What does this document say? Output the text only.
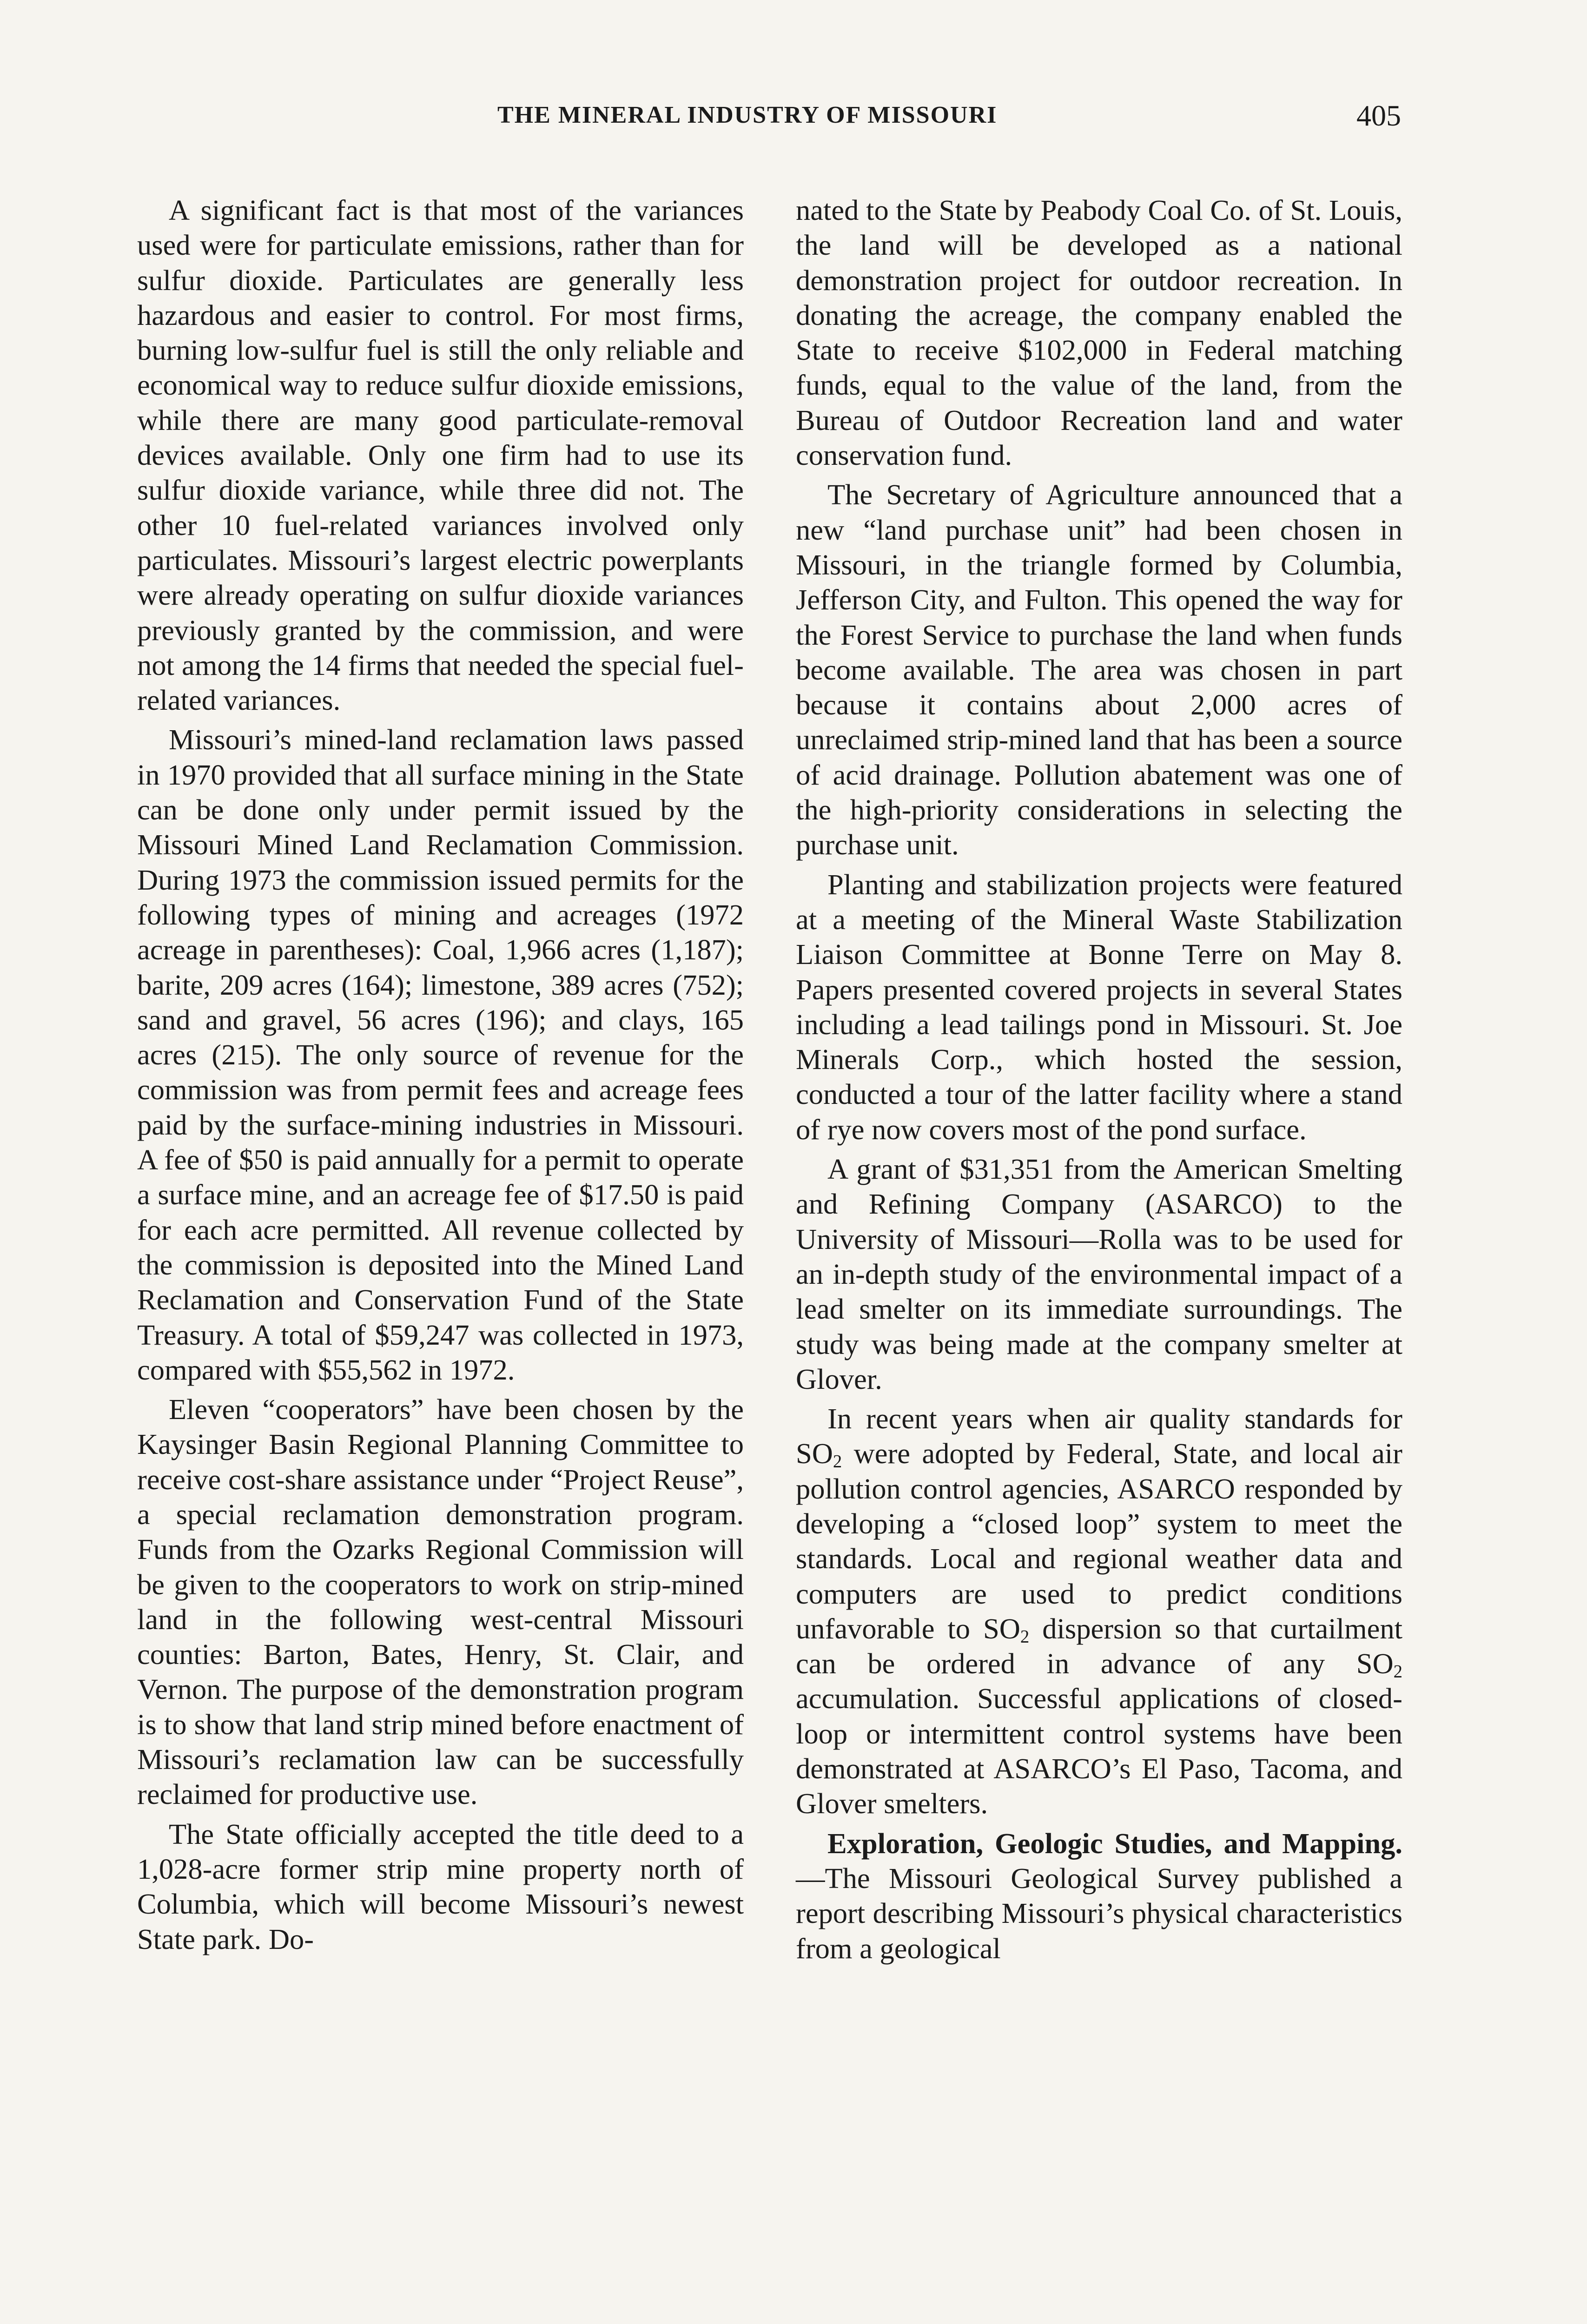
THE MINERAL INDUSTRY OF MISSOURI	405

A significant fact is that most of the variances used were for particulate emissions, rather than for sulfur dioxide. Particulates are generally less hazardous and easier to control. For most firms, burning low-sulfur fuel is still the only reliable and economical way to reduce sulfur dioxide emissions, while there are many good particulate-removal devices available. Only one firm had to use its sulfur dioxide variance, while three did not. The other 10 fuel-related variances involved only particulates. Missouri’s largest electric powerplants were already operating on sulfur dioxide variances previously granted by the commission, and were not among the 14 firms that needed the special fuel-related variances.

Missouri’s mined-land reclamation laws passed in 1970 provided that all surface mining in the State can be done only under permit issued by the Missouri Mined Land Reclamation Commission. During 1973 the commission issued permits for the following types of mining and acreages (1972 acreage in parentheses): Coal, 1,966 acres (1,187); barite, 209 acres (164); limestone, 389 acres (752); sand and gravel, 56 acres (196); and clays, 165 acres (215). The only source of revenue for the commission was from permit fees and acreage fees paid by the surface-mining industries in Missouri. A fee of $50 is paid annually for a permit to operate a surface mine, and an acreage fee of $17.50 is paid for each acre permitted. All revenue collected by the commission is deposited into the Mined Land Reclamation and Conservation Fund of the State Treasury. A total of $59,247 was collected in 1973, compared with $55,562 in 1972.

Eleven “cooperators” have been chosen by the Kaysinger Basin Regional Planning Committee to receive cost-share assistance under “Project Reuse”, a special reclamation demonstration program. Funds from the Ozarks Regional Commission will be given to the cooperators to work on strip-mined land in the following west-central Missouri counties: Barton, Bates, Henry, St. Clair, and Vernon. The purpose of the demonstration program is to show that land strip mined before enactment of Missouri’s reclamation law can be successfully reclaimed for productive use.

The State officially accepted the title deed to a 1,028-acre former strip mine property north of Columbia, which will become Missouri’s newest State park. Do-

nated to the State by Peabody Coal Co. of St. Louis, the land will be developed as a national demonstration project for outdoor recreation. In donating the acreage, the company enabled the State to receive $102,000 in Federal matching funds, equal to the value of the land, from the Bureau of Outdoor Recreation land and water conservation fund.

The Secretary of Agriculture announced that a new “land purchase unit” had been chosen in Missouri, in the triangle formed by Columbia, Jefferson City, and Fulton. This opened the way for the Forest Service to purchase the land when funds become available. The area was chosen in part because it contains about 2,000 acres of unreclaimed strip-mined land that has been a source of acid drainage. Pollution abatement was one of the high-priority considerations in selecting the purchase unit.

Planting and stabilization projects were featured at a meeting of the Mineral Waste Stabilization Liaison Committee at Bonne Terre on May 8. Papers presented covered projects in several States including a lead tailings pond in Missouri. St. Joe Minerals Corp., which hosted the session, conducted a tour of the latter facility where a stand of rye now covers most of the pond surface.

A grant of $31,351 from the American Smelting and Refining Company (ASARCO) to the University of Missouri—Rolla was to be used for an in-depth study of the environmental impact of a lead smelter on its immediate surroundings. The study was being made at the company smelter at Glover.

In recent years when air quality standards for $SO_2$ were adopted by Federal, State, and local air pollution control agencies, ASARCO responded by developing a “closed loop” system to meet the standards. Local and regional weather data and computers are used to predict conditions unfavorable to $SO_2$ dispersion so that curtailment can be ordered in advance of any $SO_2$ accumulation. Successful applications of closed-loop or intermittent control systems have been demonstrated at ASARCO’s El Paso, Tacoma, and Glover smelters.

Exploration, Geologic Studies, and Mapping.—The Missouri Geological Survey published a report describing Missouri’s physical characteristics from a geological
